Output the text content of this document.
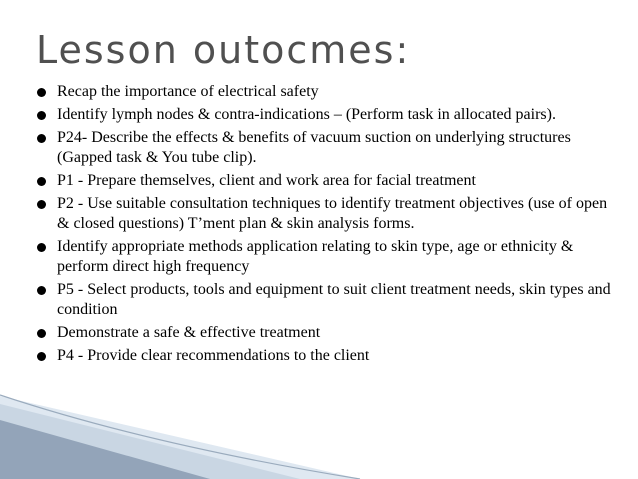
Lesson outocmes:
Recap the importance of electrical safety
Identify lymph nodes & contra-indications – (Perform task in allocated pairs).
P24- Describe the effects & benefits of vacuum suction on underlying structures (Gapped task & You tube clip).
P1 - Prepare themselves, client and work area for facial treatment
P2 - Use suitable consultation techniques to identify treatment objectives (use of open & closed questions) T’ment plan & skin analysis forms.
Identify appropriate methods application relating to skin type, age or ethnicity & perform direct high frequency
P5 - Select products, tools and equipment to suit client treatment needs, skin types and condition
Demonstrate a safe & effective treatment
P4 - Provide clear recommendations to the client
